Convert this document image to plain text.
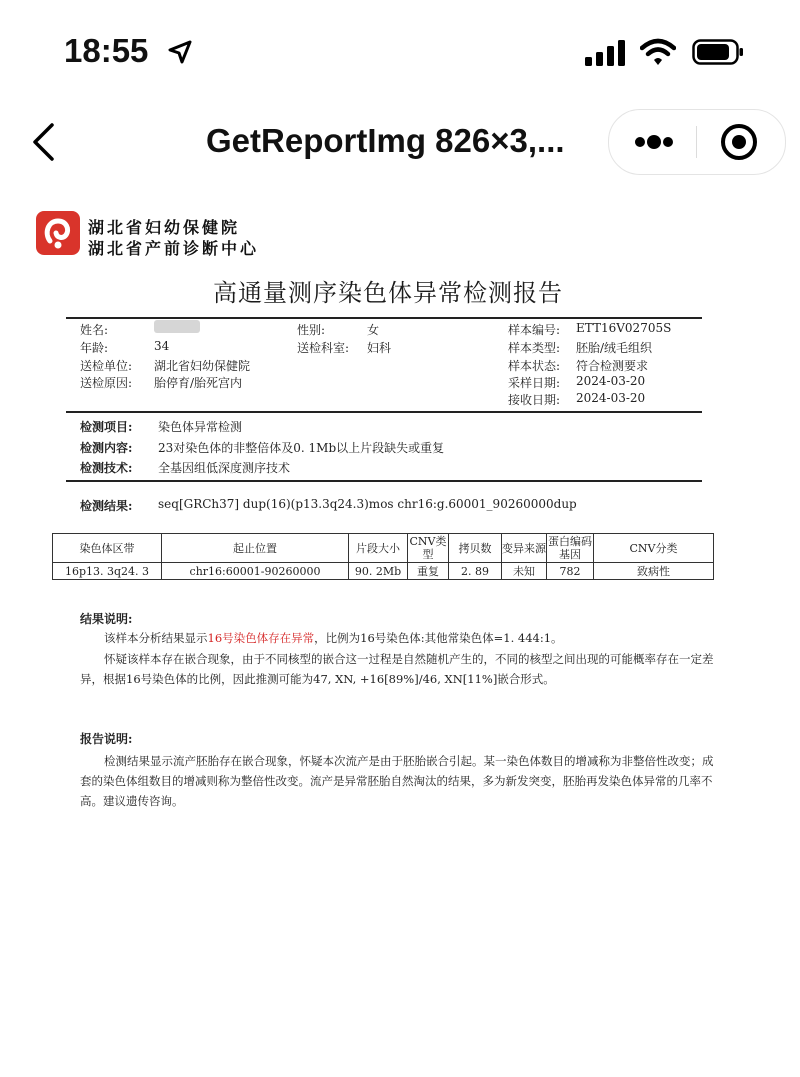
18:55
GetReportImg 826×3,...
湖北省妇幼保健院
湖北省产前诊断中心
高通量测序染色体异常检测报告
姓名:	性别:	女	样本编号: ETT16V02705S
年龄:	34	送检科室: 妇科	样本类型: 胚胎/绒毛组织
送检单位: 湖北省妇幼保健院	样本状态: 符合检测要求
送检原因: 胎停育/胎死宫内	采样日期: 2024-03-20
接收日期: 2024-03-20
检测项目: 染色体异常检测
检测内容: 23对染色体的非整倍体及0. 1Mb以上片段缺失或重复
检测技术: 全基因组低深度测序技术
检测结果: seq[GRCh37] dup(16)(p13.3q24.3)mos chr16:g.60001_90260000dup
染色体区带	起止位置	片段大小	CNV类型	拷贝数	变异来源	蛋白编码基因	CNV分类
16p13. 3q24. 3	chr16:60001-90260000	90. 2Mb	重复	2. 89	未知	782	致病性
结果说明:
该样本分析结果显示16号染色体存在异常，比例为16号染色体:其他常染色体=1. 444:1。
怀疑该样本存在嵌合现象，由于不同核型的嵌合这一过程是自然随机产生的，不同的核型之间出现的可能概率存在一定差异，根据16号染色体的比例，因此推测可能为47, XN, +16[89%]/46, XN[11%]嵌合形式。
报告说明:
检测结果显示流产胚胎存在嵌合现象，怀疑本次流产是由于胚胎嵌合引起。某一染色体数目的增减称为非整倍性改变；成套的染色体组数目的增减则称为整倍性改变。流产是异常胚胎自然淘汰的结果，多为新发突变，胚胎再发染色体异常的几率不高。建议遗传咨询。
